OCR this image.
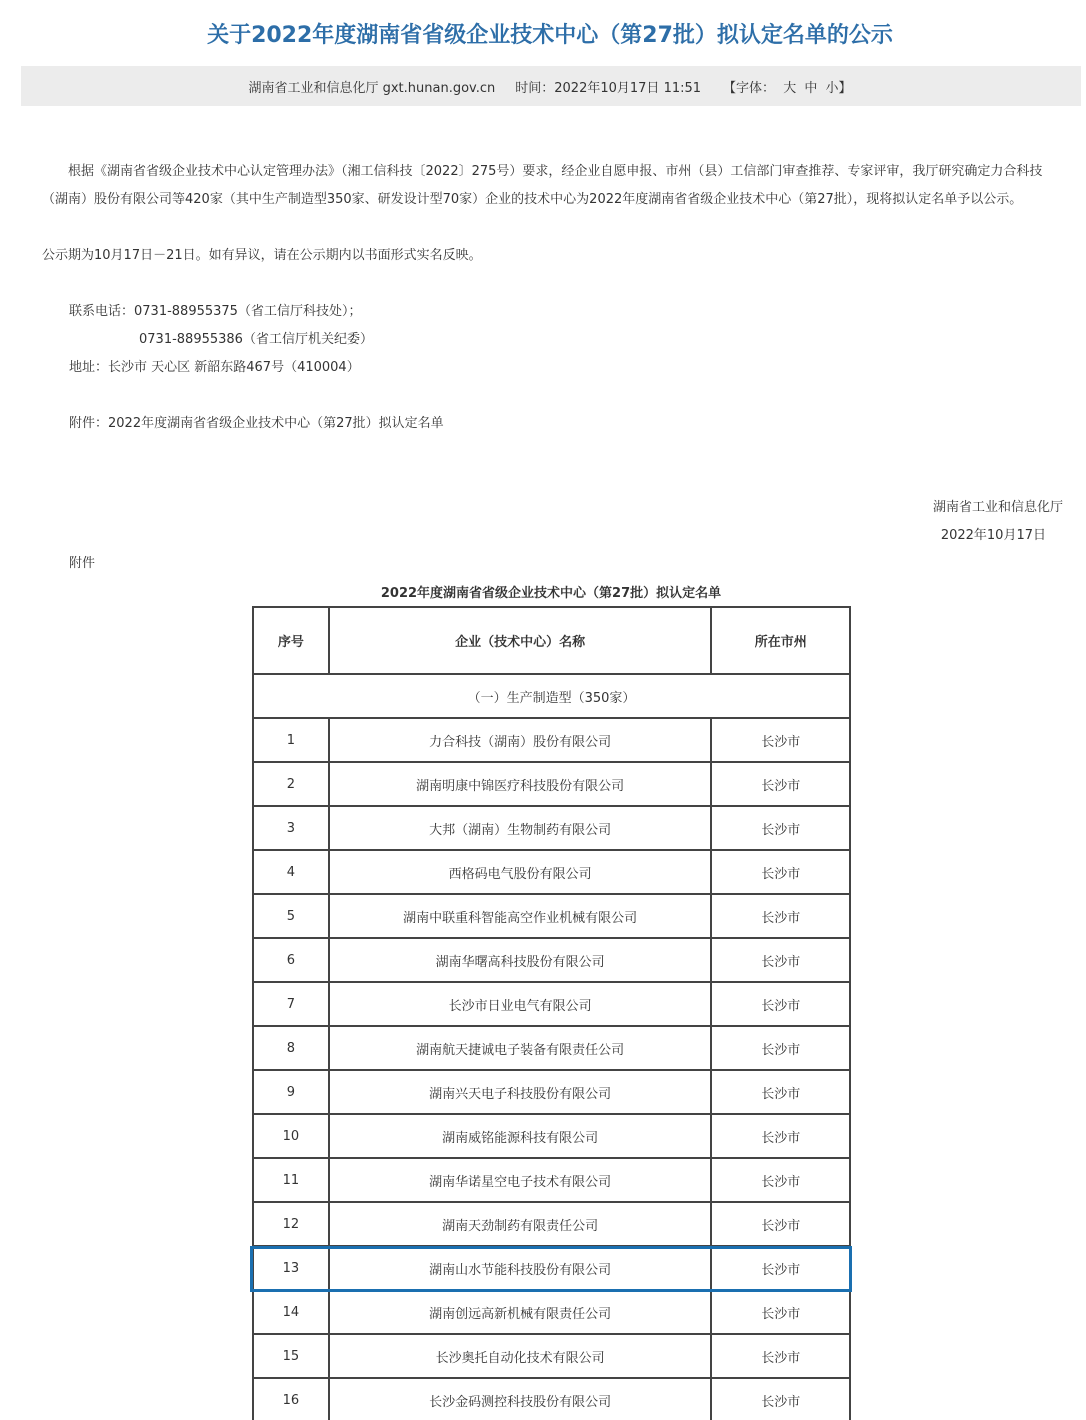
关于2022年度湖南省省级企业技术中心（第27批）拟认定名单的公示
湖南省工业和信息化厅 gxt.hunan.gov.cn 时间：2022年10月17日 11:51 【字体： 大 中 小】

根据《湖南省省级企业技术中心认定管理办法》（湘工信科技〔2022〕275号）要求，经企业自愿申报、市州（县）工信部门审查推荐、专家评审，我厅研究确定力合科技（湖南）股份有限公司等420家（其中生产制造型350家、研发设计型70家）企业的技术中心为2022年度湖南省省级企业技术中心（第27批），现将拟认定名单予以公示。

公示期为10月17日－21日。如有异议，请在公示期内以书面形式实名反映。

联系电话：0731-88955375（省工信厅科技处）；

0731-88955386（省工信厅机关纪委）

地址：长沙市 天心区 新韶东路467号（410004）

附件：2022年度湖南省省级企业技术中心（第27批）拟认定名单

湖南省工业和信息化厅

2022年10月17日

附件

2022年度湖南省省级企业技术中心（第27批）拟认定名单
序号	企业（技术中心）名称	所在市州
（一）生产制造型（350家）		
1	力合科技（湖南）股份有限公司	长沙市
2	湖南明康中锦医疗科技股份有限公司	长沙市
3	大邦（湖南）生物制药有限公司	长沙市
4	西格码电气股份有限公司	长沙市
5	湖南中联重科智能高空作业机械有限公司	长沙市
6	湖南华曙高科技股份有限公司	长沙市
7	长沙市日业电气有限公司	长沙市
8	湖南航天捷诚电子装备有限责任公司	长沙市
9	湖南兴天电子科技股份有限公司	长沙市
10	湖南威铭能源科技有限公司	长沙市
11	湖南华诺星空电子技术有限公司	长沙市
12	湖南天劲制药有限责任公司	长沙市
13	湖南山水节能科技股份有限公司	长沙市
14	湖南创远高新机械有限责任公司	长沙市
15	长沙奥托自动化技术有限公司	长沙市
16	长沙金码测控科技股份有限公司	长沙市
